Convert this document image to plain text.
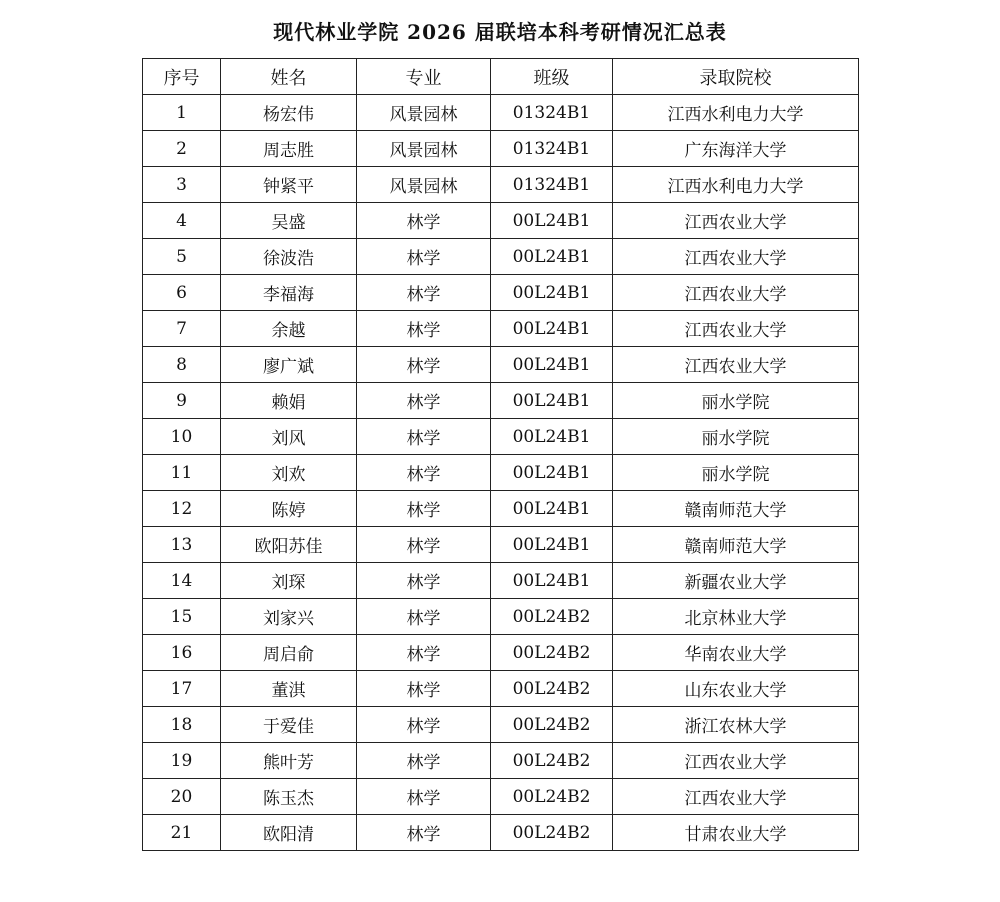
现代林业学院 2026 届联培本科考研情况汇总表
序号	姓名	专业	班级	录取院校
1	杨宏伟	风景园林	01324B1	江西水利电力大学
2	周志胜	风景园林	01324B1	广东海洋大学
3	钟紧平	风景园林	01324B1	江西水利电力大学
4	吴盛	林学	00L24B1	江西农业大学
5	徐波浩	林学	00L24B1	江西农业大学
6	李福海	林学	00L24B1	江西农业大学
7	余越	林学	00L24B1	江西农业大学
8	廖广斌	林学	00L24B1	江西农业大学
9	赖娟	林学	00L24B1	丽水学院
10	刘风	林学	00L24B1	丽水学院
11	刘欢	林学	00L24B1	丽水学院
12	陈婷	林学	00L24B1	赣南师范大学
13	欧阳苏佳	林学	00L24B1	赣南师范大学
14	刘琛	林学	00L24B1	新疆农业大学
15	刘家兴	林学	00L24B2	北京林业大学
16	周启俞	林学	00L24B2	华南农业大学
17	董淇	林学	00L24B2	山东农业大学
18	于爱佳	林学	00L24B2	浙江农林大学
19	熊叶芳	林学	00L24B2	江西农业大学
20	陈玉杰	林学	00L24B2	江西农业大学
21	欧阳清	林学	00L24B2	甘肃农业大学
